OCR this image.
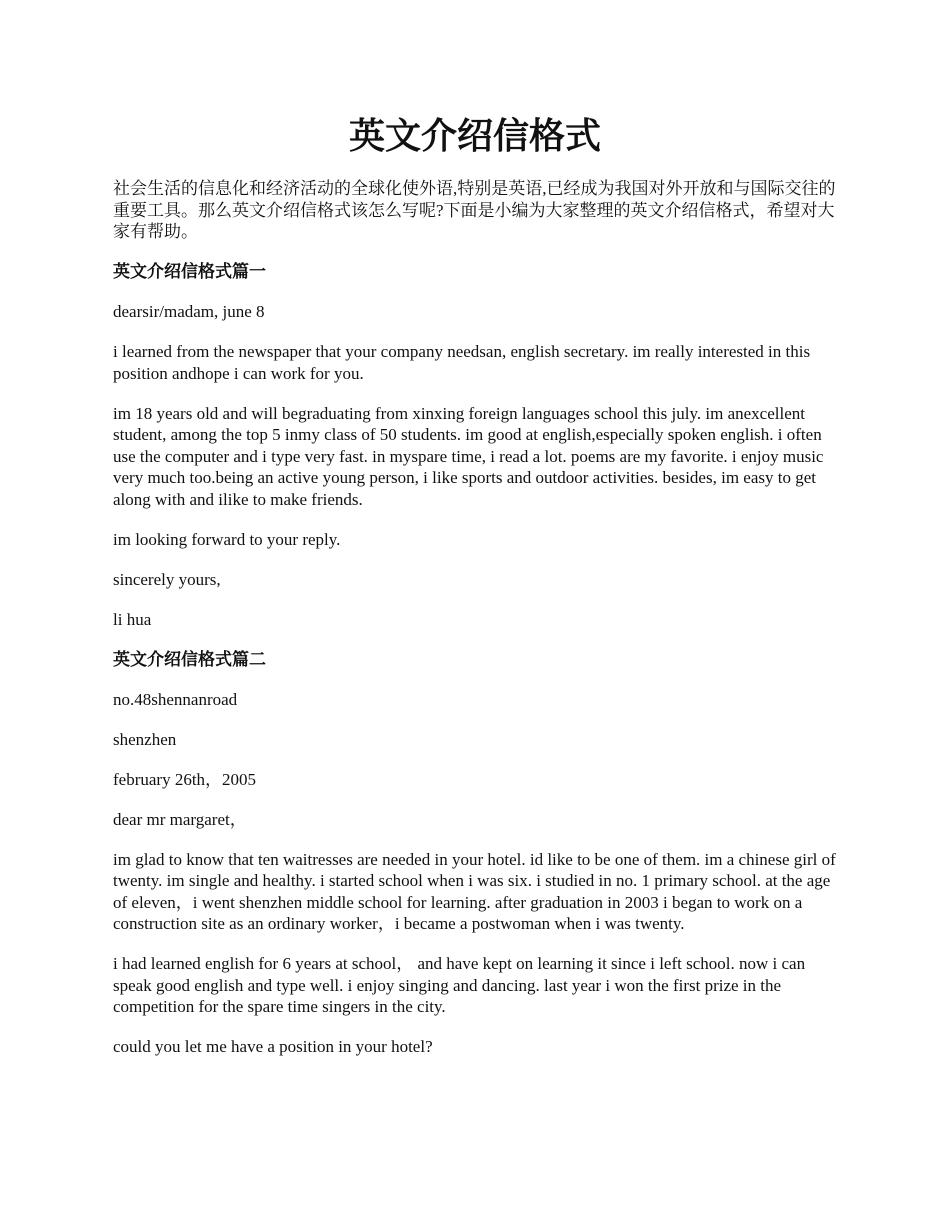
英文介绍信格式

社会生活的信息化和经济活动的全球化使外语,特别是英语,已经成为我国对外开放和与国际交往的重要工具。那么英文介绍信格式该怎么写呢?下面是小编为大家整理的英文介绍信格式，希望对大家有帮助。

英文介绍信格式篇一

dearsir/madam, june 8

i learned from the newspaper that your company needsan, english secretary. im really interested in this position andhope i can work for you.

im 18 years old and will begraduating from xinxing foreign languages school this july. im anexcellent student, among the top 5 inmy class of 50 students. im good at english,especially spoken english. i often use the computer and i type very fast. in myspare time, i read a lot. poems are my favorite. i enjoy music very much too.being an active young person, i like sports and outdoor activities. besides, im easy to get along with and ilike to make friends.

im looking forward to your reply.

sincerely yours,

li hua

英文介绍信格式篇二

no.48shennanroad

shenzhen

february 26th，2005

dear mr margaret，

im glad to know that ten waitresses are needed in your hotel. id like to be one of them. im a chinese girl of twenty. im single and healthy. i started school when i was six. i studied in no. 1 primary school. at the age of eleven，i went shenzhen middle school for learning. after graduation in 2003 i began to work on a construction site as an ordinary worker，i became a postwoman when i was twenty.

i had learned english for 6 years at school， and have kept on learning it since i left school. now i can speak good english and type well. i enjoy singing and dancing. last year i won the first prize in the competition for the spare time singers in the city.

could you let me have a position in your hotel?
